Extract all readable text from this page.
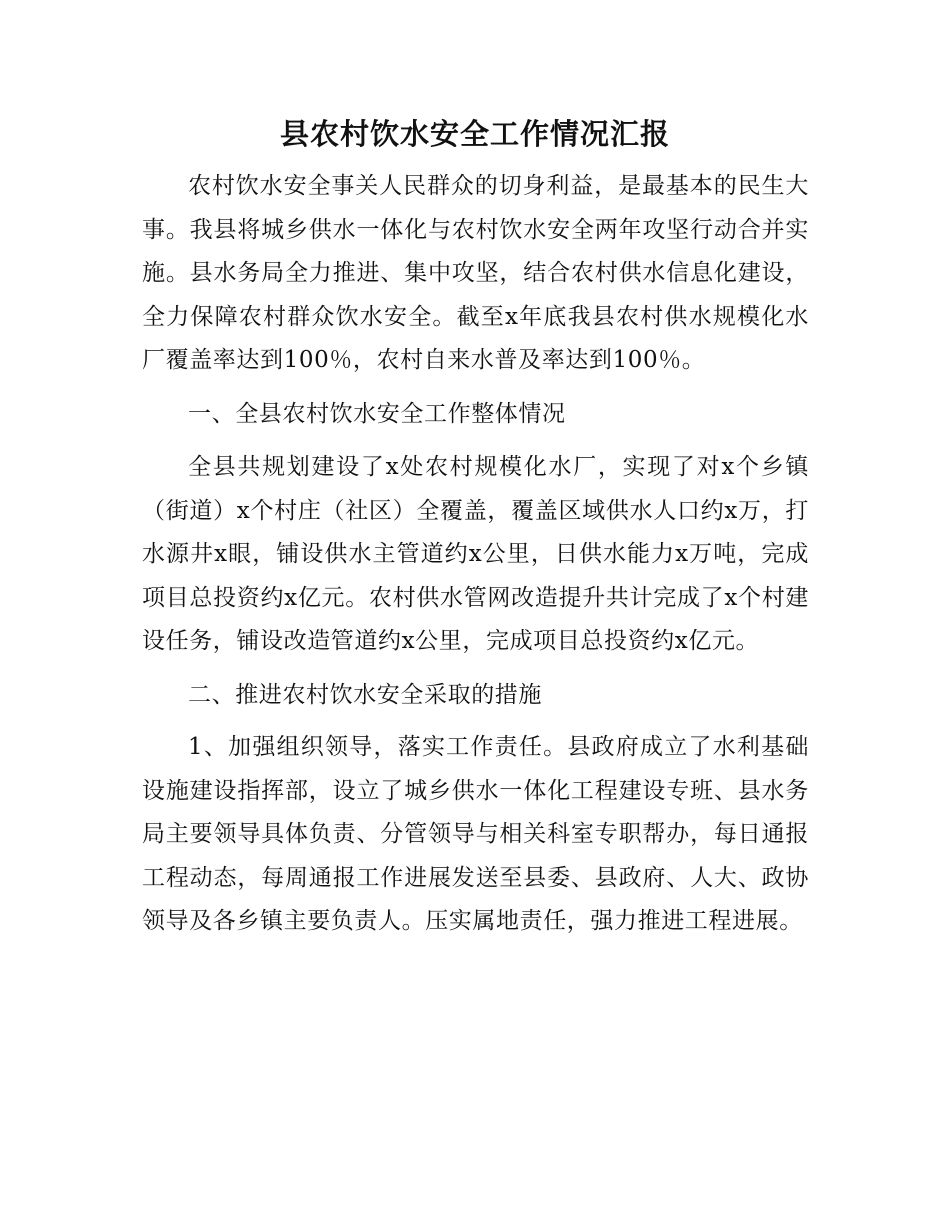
县农村饮水安全工作情况汇报

农村饮水安全事关人民群众的切身利益，是最基本的民生大事。我县将城乡供水一体化与农村饮水安全两年攻坚行动合并实施。县水务局全力推进、集中攻坚，结合农村供水信息化建设，全力保障农村群众饮水安全。截至x年底我县农村供水规模化水厂覆盖率达到100％，农村自来水普及率达到100％。

一、全县农村饮水安全工作整体情况

全县共规划建设了x处农村规模化水厂，实现了对x个乡镇（街道）x个村庄（社区）全覆盖，覆盖区域供水人口约x万，打水源井x眼，铺设供水主管道约x公里，日供水能力x万吨，完成项目总投资约x亿元。农村供水管网改造提升共计完成了x个村建设任务，铺设改造管道约x公里，完成项目总投资约x亿元。

二、推进农村饮水安全采取的措施

1、加强组织领导，落实工作责任。县政府成立了水利基础设施建设指挥部，设立了城乡供水一体化工程建设专班、县水务局主要领导具体负责、分管领导与相关科室专职帮办，每日通报工程动态，每周通报工作进展发送至县委、县政府、人大、政协领导及各乡镇主要负责人。压实属地责任，强力推进工程进展。
